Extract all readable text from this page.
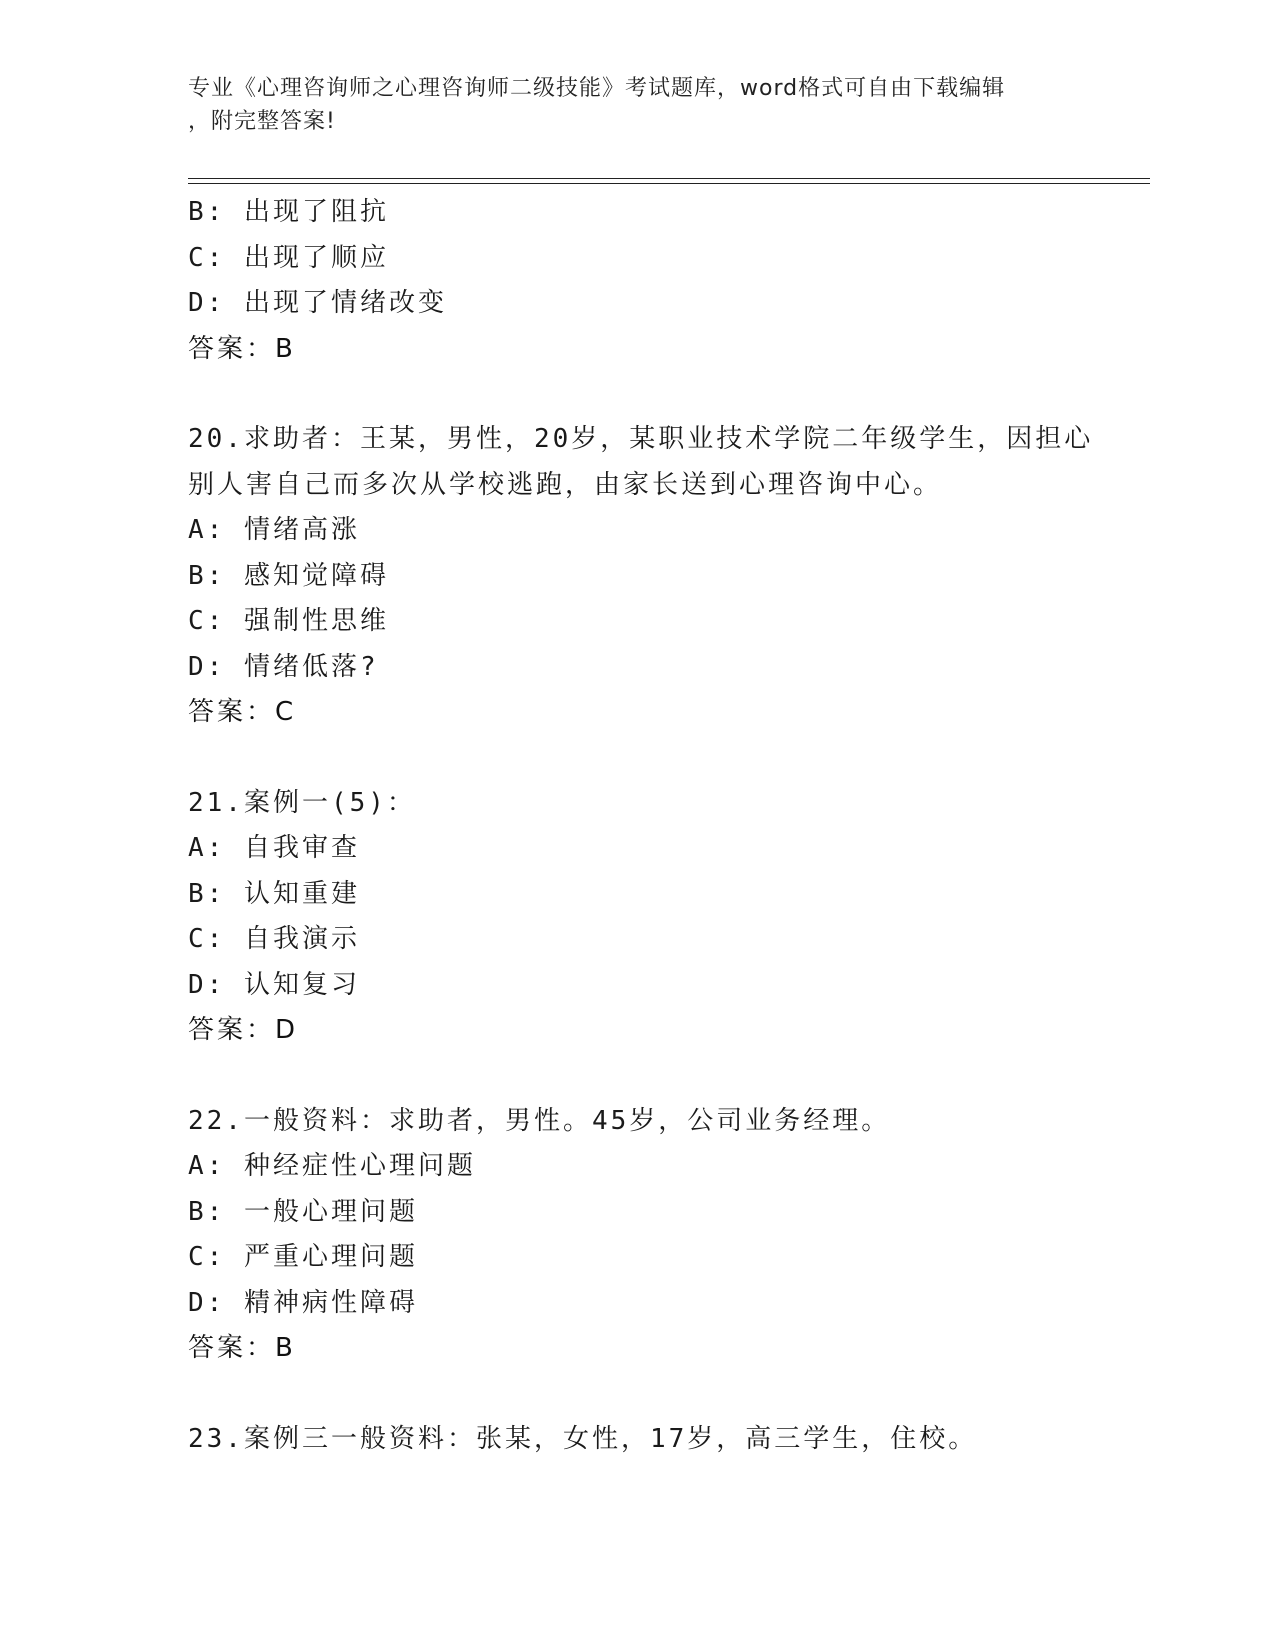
专业《心理咨询师之心理咨询师二级技能》考试题库，word格式可自由下载编辑
，附完整答案!
B: 出现了阻抗
C: 出现了顺应
D: 出现了情绪改变
答案：B
20.求助者：王某，男性，20岁，某职业技术学院二年级学生，因担心
别人害自己而多次从学校逃跑，由家长送到心理咨询中心。
A: 情绪高涨
B: 感知觉障碍
C: 强制性思维
D: 情绪低落?
答案：C
21.案例一(5)：
A: 自我审查
B: 认知重建
C: 自我演示
D: 认知复习
答案：D
22.一般资料：求助者，男性。45岁，公司业务经理。
A: 种经症性心理问题
B: 一般心理问题
C: 严重心理问题
D: 精神病性障碍
答案：B
23.案例三一般资料：张某，女性，17岁，高三学生，住校。
